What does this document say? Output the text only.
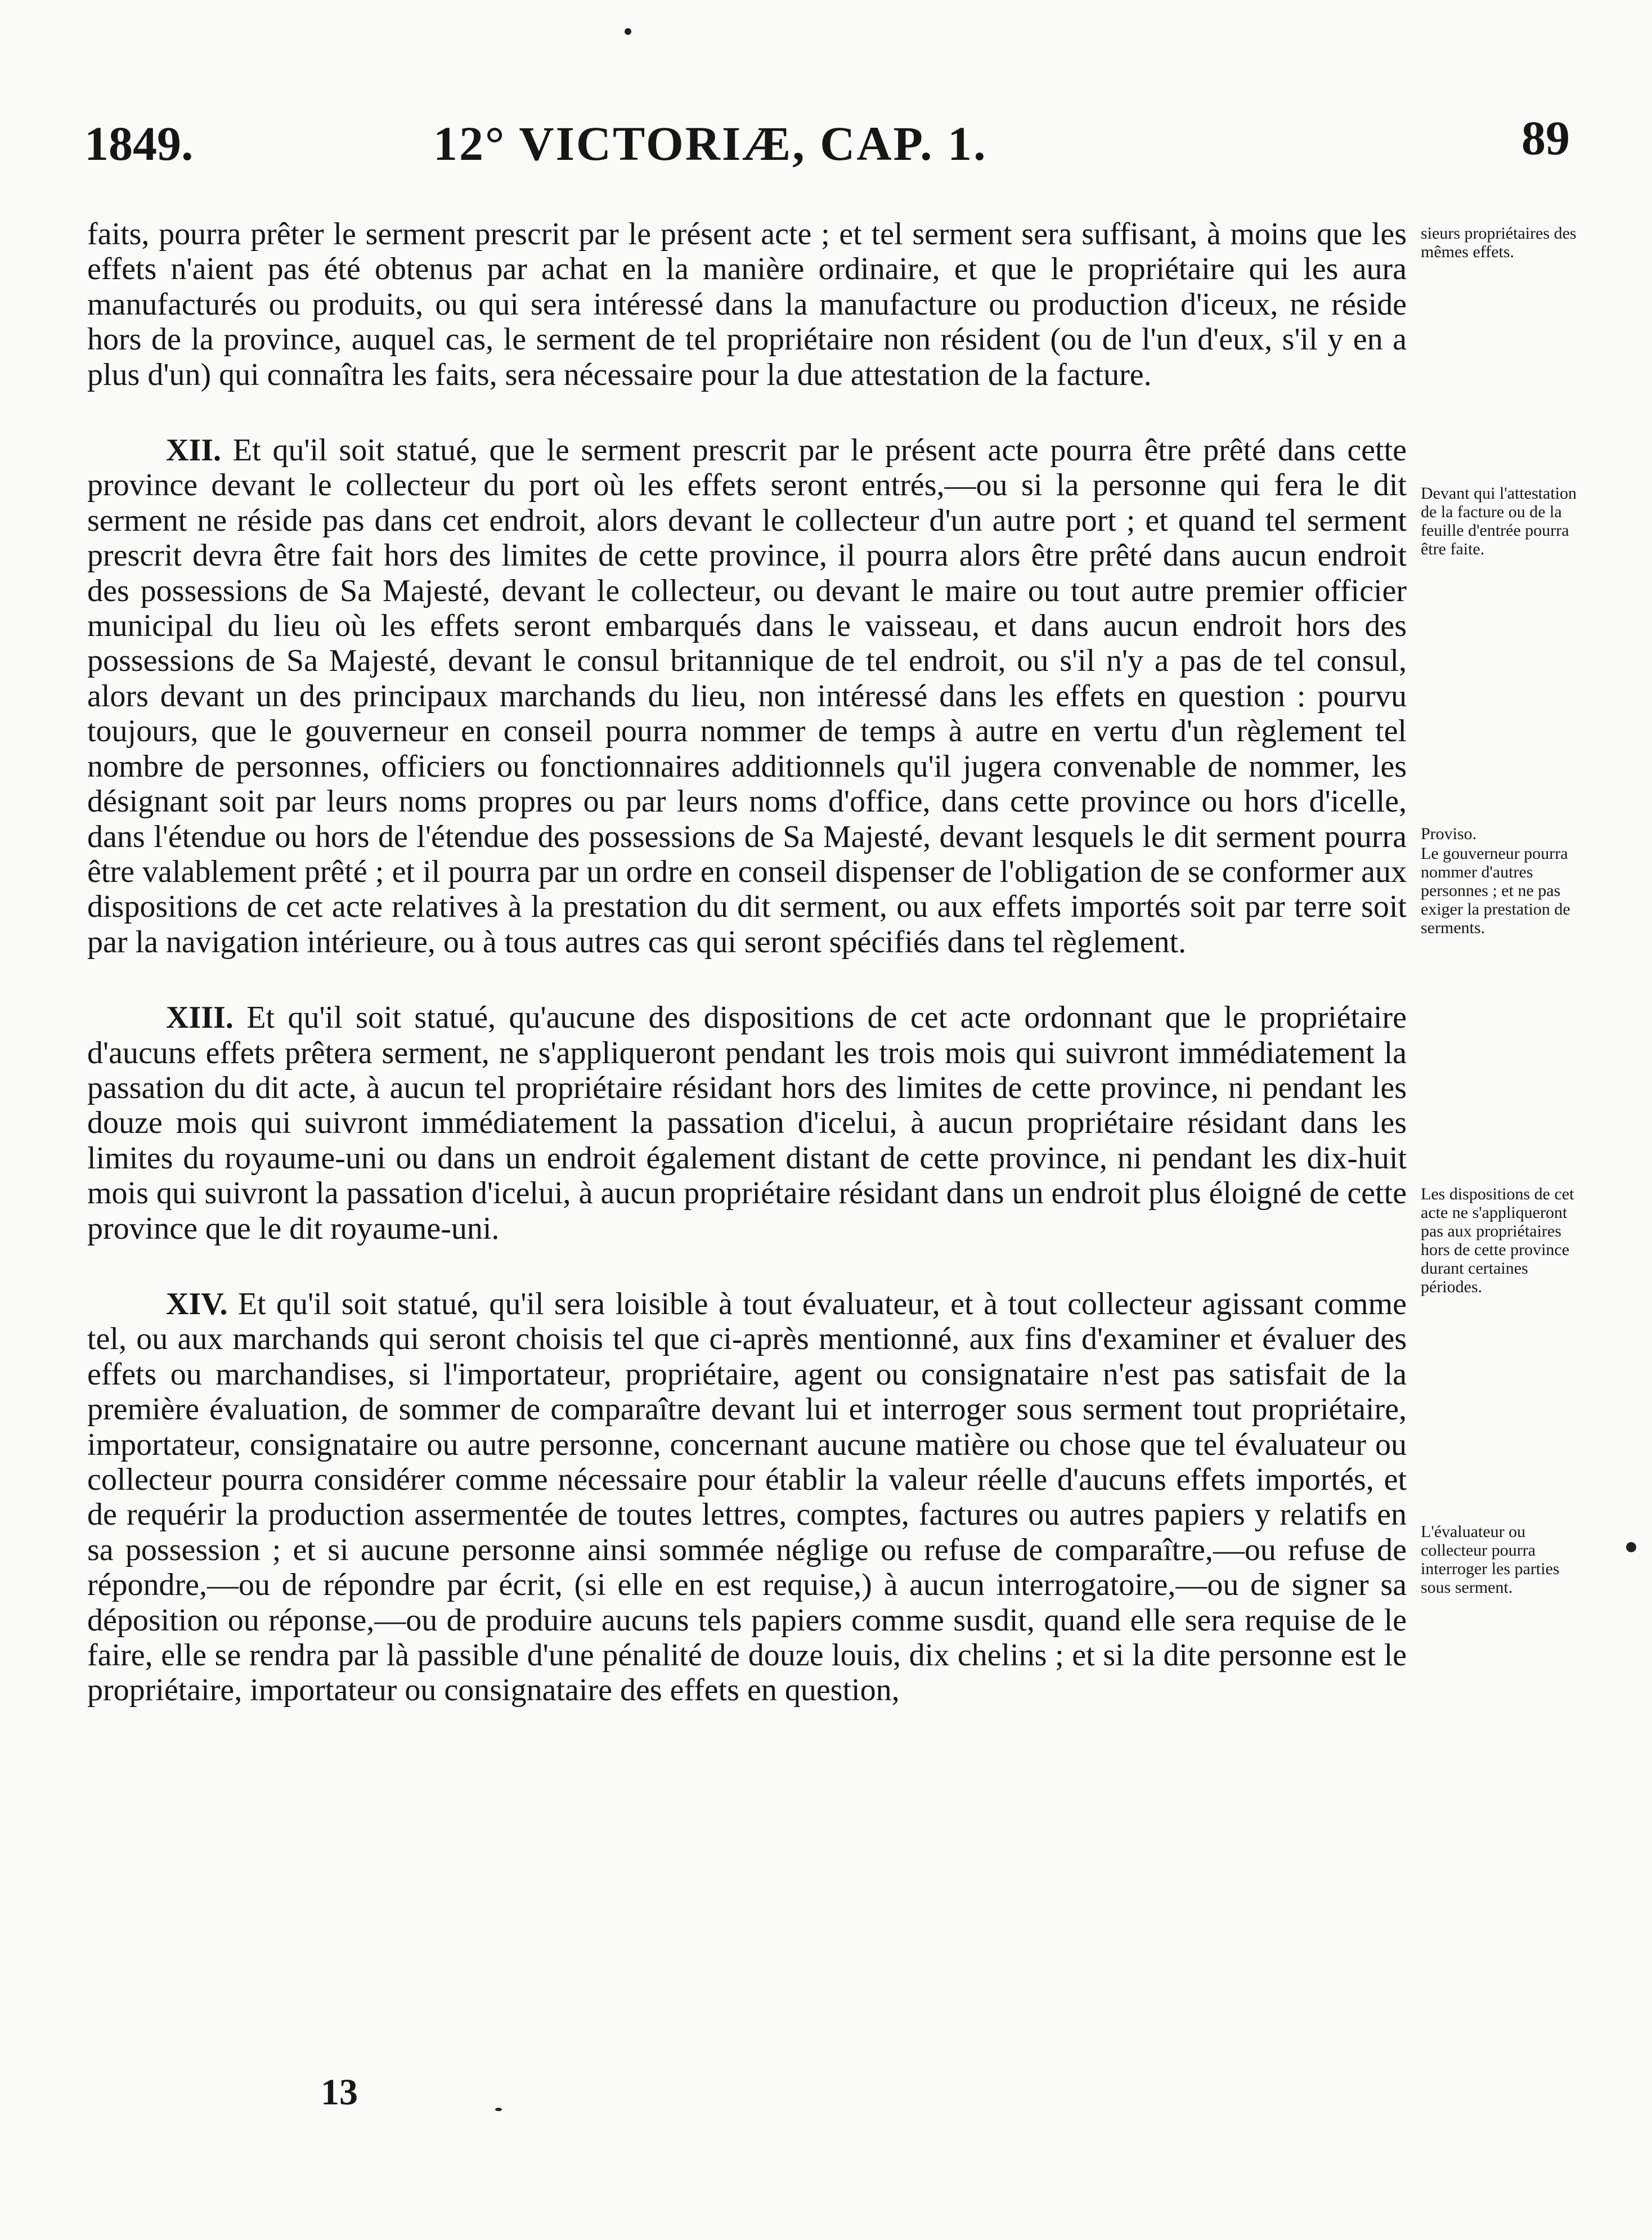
1849.	12° VICTORIÆ, CAP. 1.	89

faits, pourra prêter le serment prescrit par le présent acte ; et tel serment sera suffisant, à moins que les effets n'aient pas été obtenus par achat en la manière ordinaire, et que le propriétaire qui les aura manufacturés ou produits, ou qui sera intéressé dans la manufacture ou production d'iceux, ne réside hors de la province, auquel cas, le serment de tel propriétaire non résident (ou de l'un d'eux, s'il y en a plus d'un) qui connaîtra les faits, sera nécessaire pour la due attestation de la facture.

XII. Et qu'il soit statué, que le serment prescrit par le présent acte pourra être prêté dans cette province devant le collecteur du port où les effets seront entrés,—ou si la personne qui fera le dit serment ne réside pas dans cet endroit, alors devant le collecteur d'un autre port ; et quand tel serment prescrit devra être fait hors des limites de cette province, il pourra alors être prêté dans aucun endroit des possessions de Sa Majesté, devant le collecteur, ou devant le maire ou tout autre premier officier municipal du lieu où les effets seront embarqués dans le vaisseau, et dans aucun endroit hors des possessions de Sa Majesté, devant le consul britannique de tel endroit, ou s'il n'y a pas de tel consul, alors devant un des principaux marchands du lieu, non intéressé dans les effets en question : pourvu toujours, que le gouverneur en conseil pourra nommer de temps à autre en vertu d'un règlement tel nombre de personnes, officiers ou fonctionnaires additionnels qu'il jugera convenable de nommer, les désignant soit par leurs noms propres ou par leurs noms d'office, dans cette province ou hors d'icelle, dans l'étendue ou hors de l'étendue des possessions de Sa Majesté, devant lesquels le dit serment pourra être valablement prêté ; et il pourra par un ordre en conseil dispenser de l'obligation de se conformer aux dispositions de cet acte relatives à la prestation du dit serment, ou aux effets importés soit par terre soit par la navigation intérieure, ou à tous autres cas qui seront spécifiés dans tel règlement.

XIII. Et qu'il soit statué, qu'aucune des dispositions de cet acte ordonnant que le propriétaire d'aucuns effets prêtera serment, ne s'appliqueront pendant les trois mois qui suivront immédiatement la passation du dit acte, à aucun tel propriétaire résidant hors des limites de cette province, ni pendant les douze mois qui suivront immédiatement la passation d'icelui, à aucun propriétaire résidant dans les limites du royaume-uni ou dans un endroit également distant de cette province, ni pendant les dix-huit mois qui suivront la passation d'icelui, à aucun propriétaire résidant dans un endroit plus éloigné de cette province que le dit royaume-uni.

XIV. Et qu'il soit statué, qu'il sera loisible à tout évaluateur, et à tout collecteur agissant comme tel, ou aux marchands qui seront choisis tel que ci-après mentionné, aux fins d'examiner et évaluer des effets ou marchandises, si l'importateur, propriétaire, agent ou consignataire n'est pas satisfait de la première évaluation, de sommer de comparaître devant lui et interroger sous serment tout propriétaire, importateur, consignataire ou autre personne, concernant aucune matière ou chose que tel évaluateur ou collecteur pourra considérer comme nécessaire pour établir la valeur réelle d'aucuns effets importés, et de requérir la production assermentée de toutes lettres, comptes, factures ou autres papiers y relatifs en sa possession ; et si aucune personne ainsi sommée néglige ou refuse de comparaître,—ou refuse de répondre,—ou de répondre par écrit, (si elle en est requise,) à aucun interrogatoire,—ou de signer sa déposition ou réponse,—ou de produire aucuns tels papiers comme susdit, quand elle sera requise de le faire, elle se rendra par là passible d'une pénalité de douze louis, dix chelins ; et si la dite personne est le propriétaire, importateur ou consignataire des effets en question,

sieurs propriétaires des mêmes effets.
Devant qui l'attestation de la facture ou de la feuille d'entrée pourra être faite.
Proviso.
Le gouverneur pourra nommer d'autres personnes ; et ne pas exiger la prestation de serments.
Les dispositions de cet acte ne s'appliqueront pas aux propriétaires hors de cette province durant certaines périodes.
L'évaluateur ou collecteur pourra interroger les parties sous serment.
13
